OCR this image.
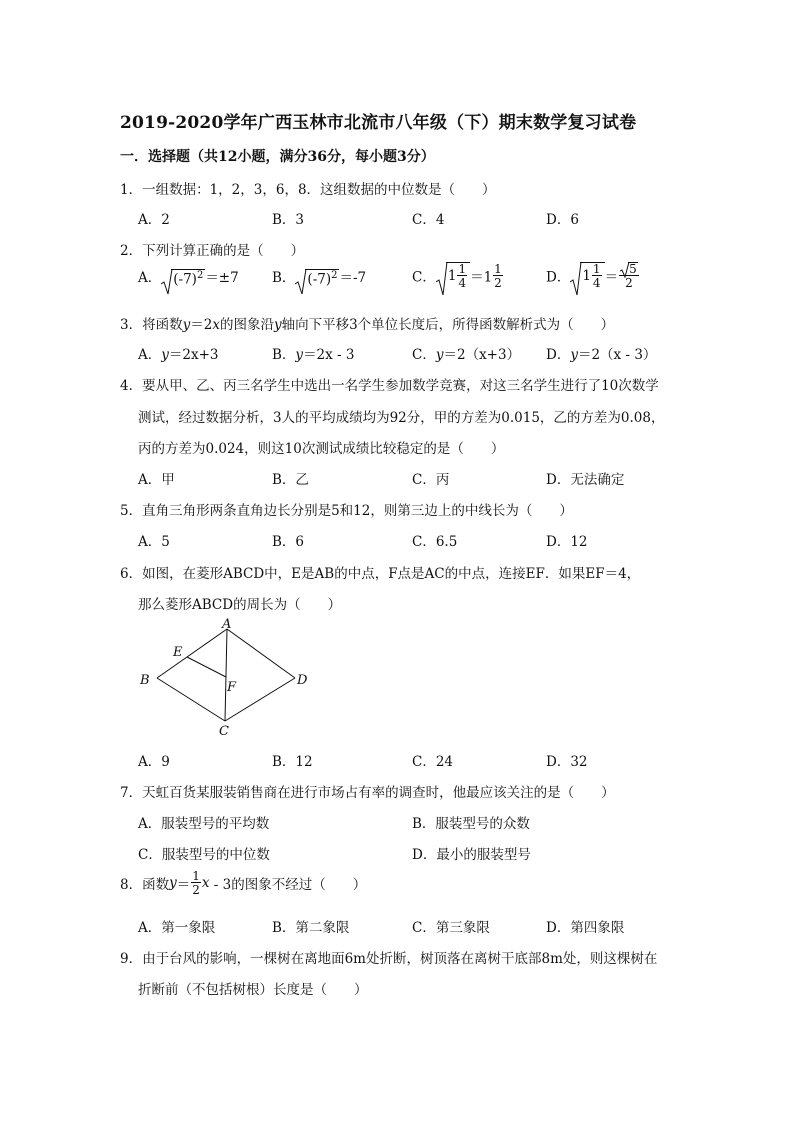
2019-2020学年广西玉林市北流市八年级（下）期末数学复习试卷
一．选择题（共12小题，满分36分，每小题3分）
1．一组数据：1，2，3，6，8．这组数据的中位数是（　　）
A．2	B．3	C．4	D．6
2．下列计算正确的是（　　）
A． $(-7)^2 =\pm 7$ B． $(-7)^2 =-7$	C． $1 \frac{1}{4} =1 \frac{1}{2}$	D． $1 \frac{1}{4} = \frac{5}{2}$
3．将函数y＝2x的图象沿y轴向下平移3个单位长度后，所得函数解析式为（　　）
A．y＝2x+3	B．y＝2x - 3	C．y＝2（x+3） D．y＝2（x - 3）
4．要从甲、乙、丙三名学生中选出一名学生参加数学竞赛，对这三名学生进行了10次数学
测试，经过数据分析，3人的平均成绩均为92分，甲的方差为0.015，乙的方差为0.08，
丙的方差为0.024，则这10次测试成绩比较稳定的是（　　）
A．甲	B．乙	C．丙	D．无法确定
5．直角三角形两条直角边长分别是5和12，则第三边上的中线长为（　　）
A．5	B．6	C．6.5	D．12
6．如图，在菱形ABCD中，E是AB的中点，F点是AC的中点，连接EF．如果EF＝4，
那么菱形ABCD的周长为（　　）
A
E
B	F	D
C
A．9	B．12	C．24	D．32
7．天虹百货某服装销售商在进行市场占有率的调查时，他最应该关注的是（　　）
A．服装型号的平均数	B．服装型号的众数
C．服装型号的中位数	D．最小的服装型号
8．函数$y= \frac{1}{2}$ x - 3的图象不经过（　　）
A．第一象限	B．第二象限	C．第三象限	D．第四象限
9．由于台风的影响，一棵树在离地面6m处折断，树顶落在离树干底部8m处，则这棵树在
折断前（不包括树根）长度是（　　）
